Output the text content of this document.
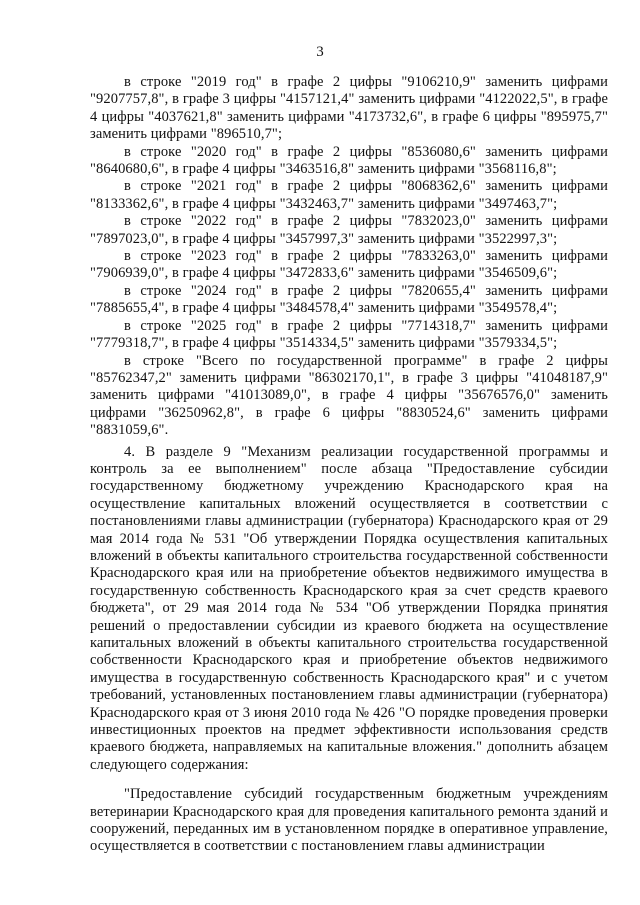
3

в строке "2019 год" в графе 2 цифры "9106210,9" заменить цифрами "9207757,8", в графе 3 цифры "4157121,4" заменить цифрами "4122022,5", в графе 4 цифры "4037621,8" заменить цифрами "4173732,6", в графе 6 цифры "895975,7" заменить цифрами "896510,7";

в строке "2020 год" в графе 2 цифры "8536080,6" заменить цифрами "8640680,6", в графе 4 цифры "3463516,8" заменить цифрами "3568116,8";

в строке "2021 год" в графе 2 цифры "8068362,6" заменить цифрами "8133362,6", в графе 4 цифры "3432463,7" заменить цифрами "3497463,7";

в строке "2022 год" в графе 2 цифры "7832023,0" заменить цифрами "7897023,0", в графе 4 цифры "3457997,3" заменить цифрами "3522997,3";

в строке "2023 год" в графе 2 цифры "7833263,0" заменить цифрами "7906939,0", в графе 4 цифры "3472833,6" заменить цифрами "3546509,6";

в строке "2024 год" в графе 2 цифры "7820655,4" заменить цифрами "7885655,4", в графе 4 цифры "3484578,4" заменить цифрами "3549578,4";

в строке "2025 год" в графе 2 цифры "7714318,7" заменить цифрами "7779318,7", в графе 4 цифры "3514334,5" заменить цифрами "3579334,5";

в строке "Всего по государственной программе" в графе 2 цифры "85762347,2" заменить цифрами "86302170,1", в графе 3 цифры "41048187,9" заменить цифрами "41013089,0", в графе 4 цифры "35676576,0" заменить цифрами "36250962,8", в графе 6 цифры "8830524,6" заменить цифрами "8831059,6".

4. В разделе 9 "Механизм реализации государственной программы и контроль за ее выполнением" после абзаца "Предоставление субсидии государственному бюджетному учреждению Краснодарского края на осуществление капитальных вложений осуществляется в соответствии с постановлениями главы администрации (губернатора) Краснодарского края от 29 мая 2014 года № 531 "Об утверждении Порядка осуществления капитальных вложений в объекты капитального строительства государственной собственности Краснодарского края или на приобретение объектов недвижимого имущества в государственную собственность Краснодарского края за счет средств краевого бюджета", от 29 мая 2014 года № 534 "Об утверждении Порядка принятия решений о предоставлении субсидии из краевого бюджета на осуществление капитальных вложений в объекты капитального строительства государственной собственности Краснодарского края и приобретение объектов недвижимого имущества в государственную собственность Краснодарского края" и с учетом требований, установленных постановлением главы администрации (губернатора) Краснодарского края от 3 июня 2010 года № 426 "О порядке проведения проверки инвестиционных проектов на предмет эффективности использования средств краевого бюджета, направляемых на капитальные вложения." дополнить абзацем следующего содержания:

"Предоставление субсидий государственным бюджетным учреждениям ветеринарии Краснодарского края для проведения капитального ремонта зданий и сооружений, переданных им в установленном порядке в оперативное управление, осуществляется в соответствии с постановлением главы администрации
